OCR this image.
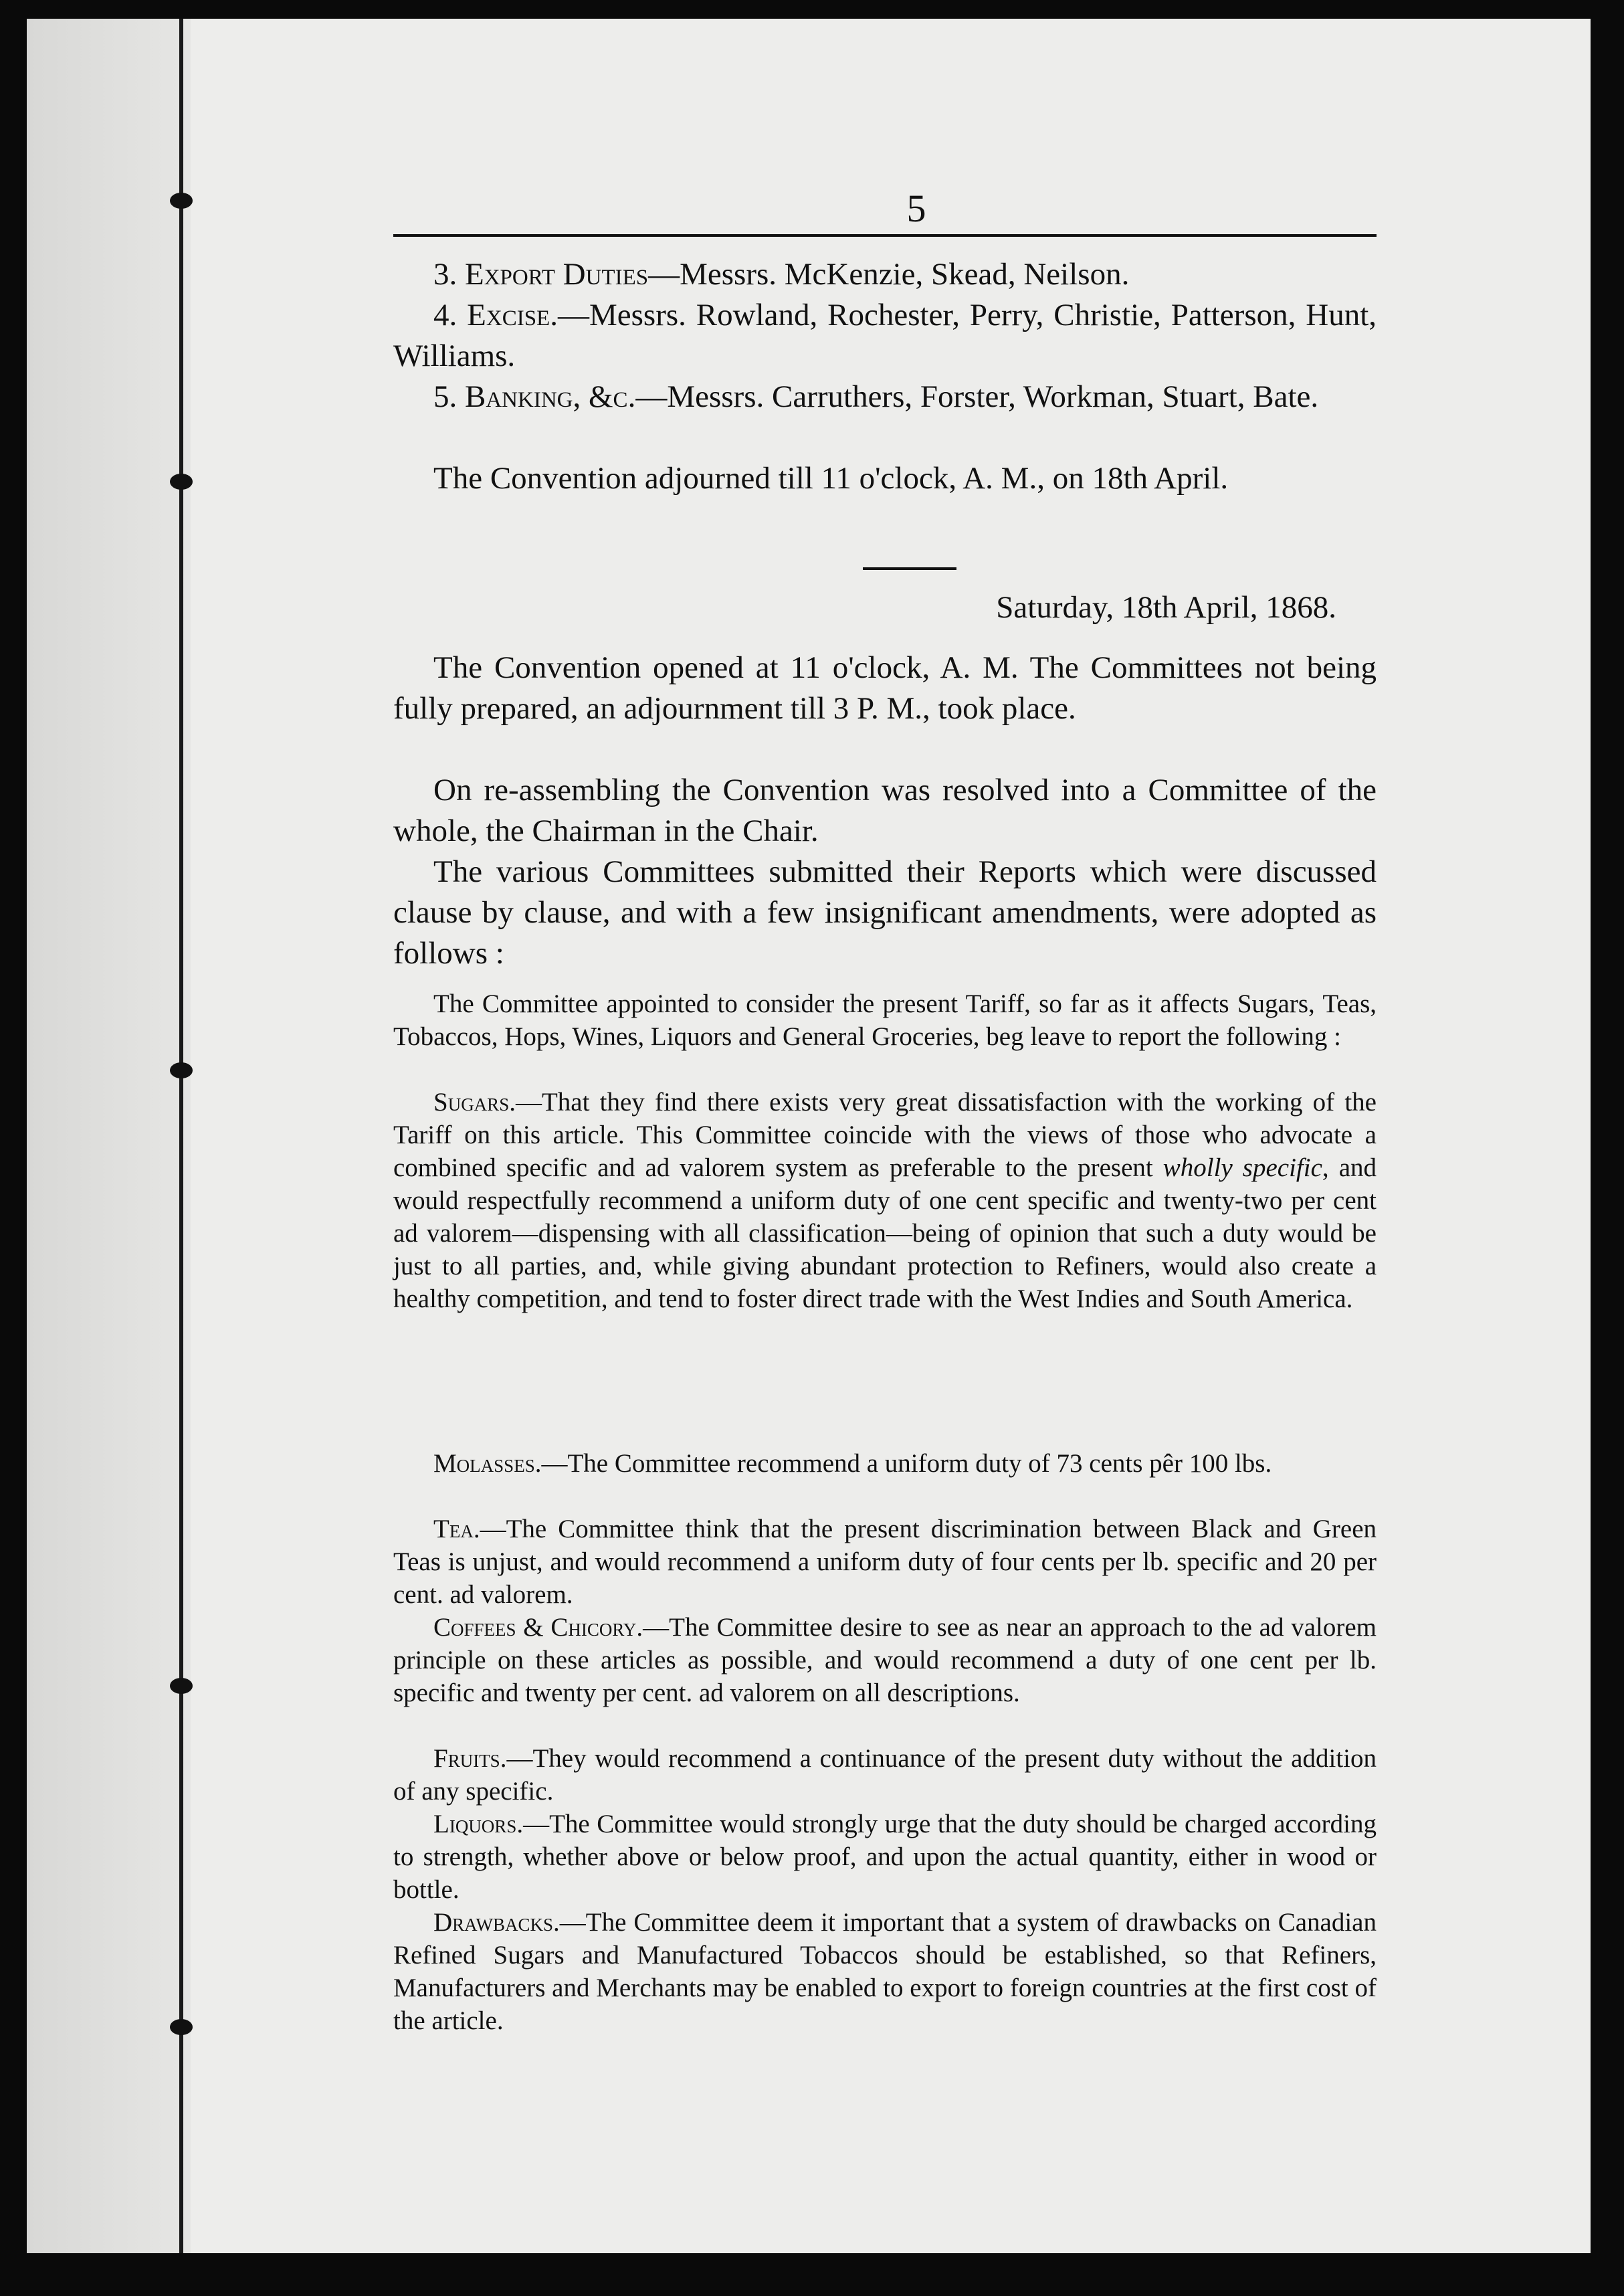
5

3. Export Duties—Messrs. McKenzie, Skead, Neilson.

4. Excise.—Messrs. Rowland, Rochester, Perry, Christie, Patterson, Hunt, Williams.

5. Banking, &c.—Messrs. Carruthers, Forster, Workman, Stuart, Bate.

The Convention adjourned till 11 o'clock, A. M., on 18th April.

Saturday, 18th April, 1868.

The Convention opened at 11 o'clock, A. M. The Committees not being fully prepared, an adjournment till 3 P. M., took place.

On re-assembling the Convention was resolved into a Committee of the whole, the Chairman in the Chair.

The various Committees submitted their Reports which were discussed clause by clause, and with a few insignificant amendments, were adopted as follows :

The Committee appointed to consider the present Tariff, so far as it affects Sugars, Teas, Tobaccos, Hops, Wines, Liquors and General Groceries, beg leave to report the following :

Sugars.—That they find there exists very great dissatisfaction with the working of the Tariff on this article. This Committee coincide with the views of those who advocate a combined specific and ad valorem system as preferable to the present wholly specific, and would respectfully recommend a uniform duty of one cent specific and twenty-two per cent ad valorem—dispensing with all classification—being of opinion that such a duty would be just to all parties, and, while giving abundant protection to Refiners, would also create a healthy competition, and tend to foster direct trade with the West Indies and South America.

Molasses.—The Committee recommend a uniform duty of 73 cents pêr 100 lbs.

Tea.—The Committee think that the present discrimination between Black and Green Teas is unjust, and would recommend a uniform duty of four cents per lb. specific and 20 per cent. ad valorem.

Coffees & Chicory.—The Committee desire to see as near an approach to the ad valorem principle on these articles as possible, and would recommend a duty of one cent per lb. specific and twenty per cent. ad valorem on all descriptions.

Fruits.—They would recommend a continuance of the present duty without the addition of any specific.

Liquors.—The Committee would strongly urge that the duty should be charged according to strength, whether above or below proof, and upon the actual quantity, either in wood or bottle.

Drawbacks.—The Committee deem it important that a system of drawbacks on Canadian Refined Sugars and Manufactured Tobaccos should be established, so that Refiners, Manufacturers and Merchants may be enabled to export to foreign countries at the first cost of the article.
